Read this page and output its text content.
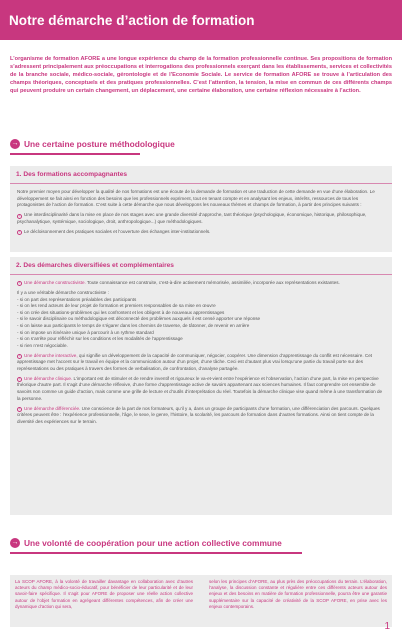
Notre démarche d’action de formation

L’organisme de formation AFORE a une longue expérience du champ de la formation professionnelle continue. Ses propositions de formation s’adressent principalement aux préoccupations et interrogations des professionnels exerçant dans les établissements, services et collectivités de la branche sociale, médico-sociale, gérontologie et de l’Economie Sociale. Le service de formation AFORE se trouve à l’articulation des champs théoriques, conceptuels et des pratiques professionnelles. C’est l’attention, la tension, la mise en commun de ces différents champs qui peuvent produire un certain changement, un déplacement, une certaine élaboration, une certaine réflexion nécessaire à l’action.

→ Une certaine posture méthodologique
1. Des formations accompagnantes

Notre premier moyen pour développer la qualité de nos formations est une écoute de la demande de formation et une traduction de cette demande en vue d’une élaboration. Le développement se fait ainsi en fonction des besoins que les professionnels expriment, tout en tenant compte et en analysant les enjeux, intérêts, ressources de tous les protagonistes de l’action de formation. C’est suite à cette démarche que nous développons les nouveaux thèmes et champs de formation, à partir des principes suivants :

› Une interdisciplinarité dans la mise en place de nos stages avec une grande diversité d’approche, tant théorique (psychologique, économique, historique, philosophique, psychanalytique, systémique, sociologique, droit, anthropologique...) que méthodologiques.

› Le décloisonnement des pratiques sociales et l’ouverture des échanges inter-institutionnels.

2. Des démarches diversifiées et complémentaires

› Une démarche constructiviste. Toute connaissance est construite, c’est-à-dire activement mémorisée, assimilée, incorporée aux représentations existantes.

Il y a une véritable démarche constructiviste :

- si on part des représentations préalables des participants
- si on les rend acteurs de leur projet de formation et premiers responsables de sa mise en œuvre
- si on crée des situations-problèmes qui les confrontent et les obligent à de nouveaux apprentissages
- si le savoir disciplinaire ou méthodologique est déconnecté des problèmes auxquels il est censé apporter une réponse
- si on laisse aux participants le temps de s’égarer dans les chemins de traverse, de tâtonner, de revenir en arrière
- si on impose un itinéraire unique à parcourir à un rythme standard
- si on s’arrête pour réfléchir sur les conditions et les modalités de l’apprentissage
- si rien n’est négociable.

› Une démarche interactive, qui signifie un développement de la capacité de communiquer, négocier, coopérer. Une dimension d’apprentissage du conflit est nécessaire. Cet apprentissage met l’accent sur le travail en équipe et la communication autour d’un projet, d’une tâche. Ceci est d’autant plus vrai lorsqu’une partie du travail porte sur des représentations ou des pratiques à travers des formes de verbalisation, de confrontation, d’analyse partagée.

› Une démarche clinique. L’important est de stimuler et de rendre inventif et rigoureux le va-et-vient entre l’expérience et l’observation, l’action d’une part, la mise en perspective théorique d’autre part. Il s’agit d’une démarche réflexive, d’une forme d’apprentissage active de savoirs appartenant aux sciences humaines. Il faut comprendre cet ensemble de savoirs non comme un guide d’action, mais comme une grille de lecture et d’outils d’interprétation du réel. Toutefois la démarche clinique vise quand même à une transformation de la personne.

› Une démarche différenciée. Une conscience de la part de nos formateurs, qu’il y a, dans un groupe de participants d’une formation, une différenciation des parcours. Quelques critères peuvent être : l’expérience professionnelle, l’âge, le sexe, le genre, l’histoire, la scolarité, les parcours de formation dans d’autres formations. Ainsi on tient compte de la diversité des expériences sur le terrain.

→ Une volonté de coopération pour une action collective commune

La SCOP AFORE, à la volonté de travailler davantage en collaboration avec d’autres acteurs du champ médico-socio-éducatif, pour bénéficier de leur particularité et de leur savoir-faire spécifique. Il s’agit pour AFORE de proposer une réelle action collective autour de l’objet formation en agrégeant différentes compétences, afin de créer une dynamique d’action qui sera,

selon les principes d’AFORE, au plus près des préoccupations du terrain. L’élaboration, l’analyse, la discussion constante et régulière entre ces différents acteurs autour des enjeux et des besoins en matière de formation professionnelle, pourra être une garantie supplémentaire sur la capacité de créativité de la SCOP AFORE, en prise avec les enjeux contemporains.

1
